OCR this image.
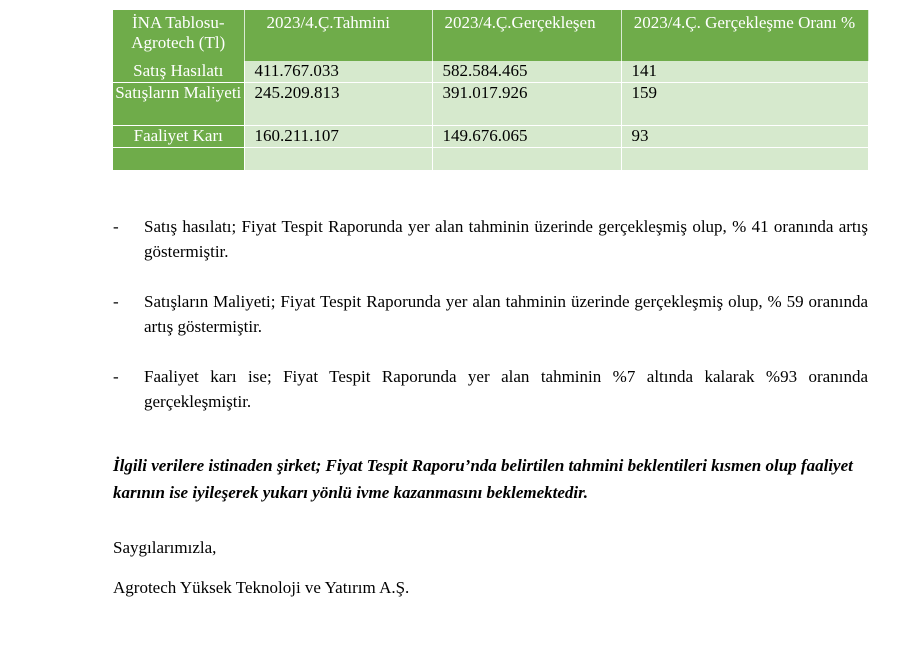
İNA Tablosu-Agrotech (Tl)	2023/4.Ç.Tahmini	2023/4.Ç.Gerçekleşen	2023/4.Ç. Gerçekleşme Oranı %
Satış Hasılatı	411.767.033	582.584.465	141
Satışların Maliyeti	245.209.813	391.017.926	159
Faaliyet Karı	160.211.107	149.676.065	93

- Satış hasılatı; Fiyat Tespit Raporunda yer alan tahminin üzerinde gerçekleşmiş olup, % 41 oranında artış göstermiştir.
- Satışların Maliyeti; Fiyat Tespit Raporunda yer alan tahminin üzerinde gerçekleşmiş olup, % 59 oranında artış göstermiştir.
- Faaliyet karı ise; Fiyat Tespit Raporunda yer alan tahminin %7 altında kalarak %93 oranında gerçekleşmiştir.

İlgili verilere istinaden şirket; Fiyat Tespit Raporu’nda belirtilen tahmini beklentileri kısmen olup faaliyet karının ise iyileşerek yukarı yönlü ivme kazanmasını beklemektedir.

Saygılarımızla,

Agrotech Yüksek Teknoloji ve Yatırım A.Ş.
